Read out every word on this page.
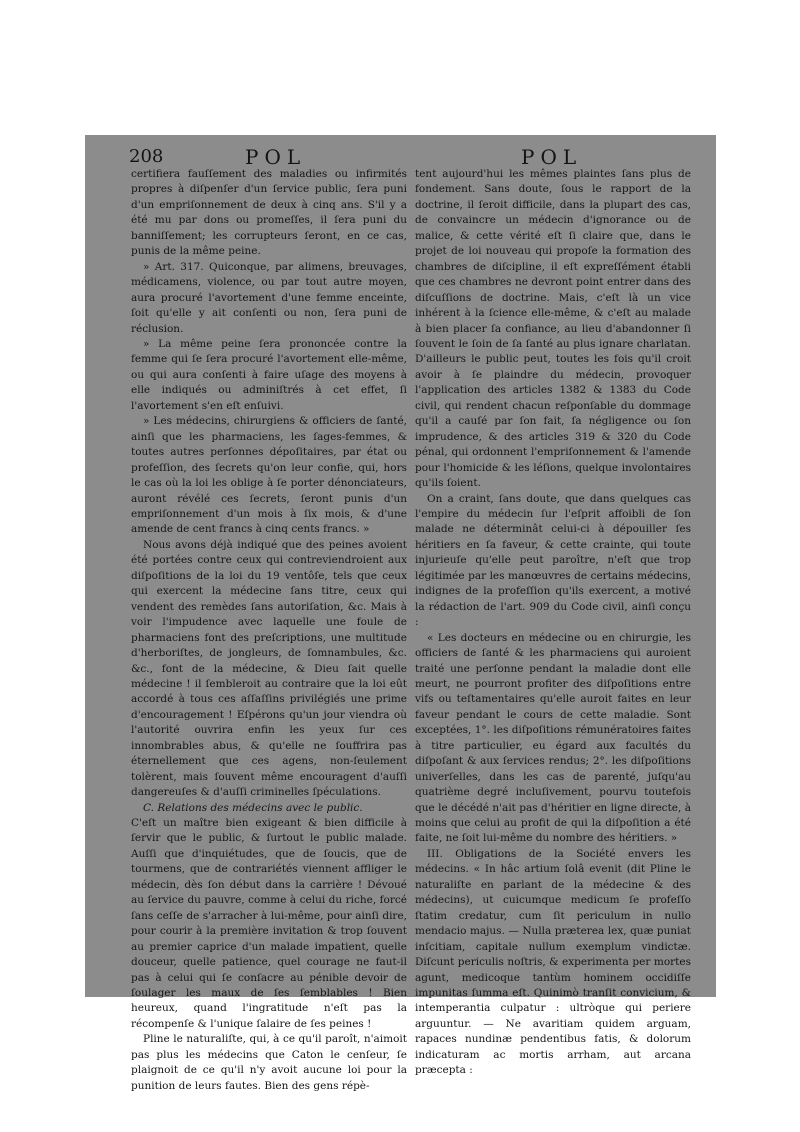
208	POL	POL

certifiera fauſſement des maladies ou infirmités propres à diſpenſer d'un ſervice public, ſera puni d'un empriſonnement de deux à cinq ans. S'il y a été mu par dons ou promeſſes, il ſera puni du banniſſement; les corrupteurs ſeront, en ce cas, punis de la même peine.

» Art. 317. Quiconque, par alimens, breuvages, médicamens, violence, ou par tout autre moyen, aura procuré l'avortement d'une femme enceinte, ſoit qu'elle y ait conſenti ou non, ſera puni de réclusion.

» La même peine ſera prononcée contre la femme qui ſe ſera procuré l'avortement elle-même, ou qui aura conſenti à faire uſage des moyens à elle indiqués ou adminiſtrés à cet effet, ſi l'avortement s'en eſt enſuivi.

» Les médecins, chirurgiens & officiers de ſanté, ainſi que les pharmaciens, les ſages-femmes, & toutes autres perſonnes dépoſitaires, par état ou profeſſion, des ſecrets qu'on leur confie, qui, hors le cas où la loi les oblige à ſe porter dénonciateurs, auront révélé ces ſecrets, ſeront punis d'un empriſonnement d'un mois à ſix mois, & d'une amende de cent francs à cinq cents francs. »

Nous avons déjà indiqué que des peines avoient été portées contre ceux qui contreviendroient aux diſpoſitions de la loi du 19 ventôſe, tels que ceux qui exercent la médecine ſans titre, ceux qui vendent des remèdes ſans autoriſation, &c. Mais à voir l'impudence avec laquelle une foule de pharmaciens font des preſcriptions, une multitude d'herboriſtes, de jongleurs, de ſomnambules, &c. &c., font de la médecine, & Dieu ſait quelle médecine ! il ſembleroit au contraire que la loi eût accordé à tous ces aſſaſſins privilégiés une prime d'encouragement ! Eſpérons qu'un jour viendra où l'autorité ouvrira enfin les yeux ſur ces innombrables abus, & qu'elle ne ſouffrira pas éternellement que ces agens, non-ſeulement tolèrent, mais ſouvent même encouragent d'auſſi dangereuſes & d'auſſi criminelles ſpéculations.

C. Relations des médecins avec le public.

C'eſt un maître bien exigeant & bien difficile à ſervir que le public, & ſurtout le public malade. Auſſi que d'inquiétudes, que de ſoucis, que de tourmens, que de contrariétés viennent affliger le médecin, dès ſon début dans la carrière ! Dévoué au ſervice du pauvre, comme à celui du riche, forcé ſans ceſſe de s'arracher à lui-même, pour ainſi dire, pour courir à la première invitation & trop ſouvent au premier caprice d'un malade impatient, quelle douceur, quelle patience, quel courage ne faut-il pas à celui qui ſe conſacre au pénible devoir de ſoulager les maux de ſes ſemblables ! Bien heureux, quand l'ingratitude n'eſt pas la récompenſe & l'unique ſalaire de ſes peines !

Pline le naturaliſte, qui, à ce qu'il paroît, n'aimoit pas plus les médecins que Caton le cenſeur, ſe plaignoit de ce qu'il n'y avoit aucune loi pour la punition de leurs fautes. Bien des gens répè-

tent aujourd'hui les mêmes plaintes ſans plus de fondement. Sans doute, ſous le rapport de la doctrine, il ſeroit difficile, dans la plupart des cas, de convaincre un médecin d'ignorance ou de malice, & cette vérité eſt ſi claire que, dans le projet de loi nouveau qui propoſe la formation des chambres de diſcipline, il eſt expreſſément établi que ces chambres ne devront point entrer dans des diſcuſſions de doctrine. Mais, c'eſt là un vice inhérent à la ſcience elle-même, & c'eſt au malade à bien placer ſa confiance, au lieu d'abandonner ſi ſouvent le ſoin de ſa ſanté au plus ignare charlatan. D'ailleurs le public peut, toutes les fois qu'il croit avoir à ſe plaindre du médecin, provoquer l'application des articles 1382 & 1383 du Code civil, qui rendent chacun reſponſable du dommage qu'il a cauſé par ſon fait, ſa négligence ou ſon imprudence, & des articles 319 & 320 du Code pénal, qui ordonnent l'empriſonnement & l'amende pour l'homicide & les léſions, quelque involontaires qu'ils ſoient.

On a craint, ſans doute, que dans quelques cas l'empire du médecin ſur l'eſprit affoibli de ſon malade ne déterminât celui-ci à dépouiller ſes héritiers en ſa faveur, & cette crainte, qui toute injurieuſe qu'elle peut paroître, n'eſt que trop légitimée par les manœuvres de certains médecins, indignes de la profeſſion qu'ils exercent, a motivé la rédaction de l'art. 909 du Code civil, ainſi conçu :

« Les docteurs en médecine ou en chirurgie, les officiers de ſanté & les pharmaciens qui auroient traité une perſonne pendant la maladie dont elle meurt, ne pourront profiter des diſpoſitions entre vifs ou teſtamentaires qu'elle auroit faites en leur faveur pendant le cours de cette maladie. Sont exceptées, 1°. les diſpoſitions rémunératoires faites à titre particulier, eu égard aux facultés du diſpoſant & aux ſervices rendus; 2°. les diſpoſitions univerſelles, dans les cas de parenté, juſqu'au quatrième degré incluſivement, pourvu toutefois que le décédé n'ait pas d'héritier en ligne directe, à moins que celui au profit de qui la diſpoſition a été faite, ne ſoit lui-même du nombre des héritiers. »

III. Obligations de la Société envers les médecins. « In hâc artium ſolâ evenit (dit Pline le naturaliſte en parlant de la médecine & des médecins), ut cuicumque medicum ſe profeſſo ſtatim credatur, cum ſit periculum in nullo mendacio majus. — Nulla præterea lex, quæ puniat inſcitiam, capitale nullum exemplum vindictæ. Diſcunt periculis noſtris, & experimenta per mortes agunt, medicoque tantùm hominem occidiſſe impunitas ſumma eſt. Quinimò tranſit convicium, & intemperantia culpatur : ultròque qui periere arguuntur. — Ne avaritiam quidem arguam, rapaces nundinæ pendentibus fatis, & dolorum indicaturam ac mortis arrham, aut arcana præcepta :
